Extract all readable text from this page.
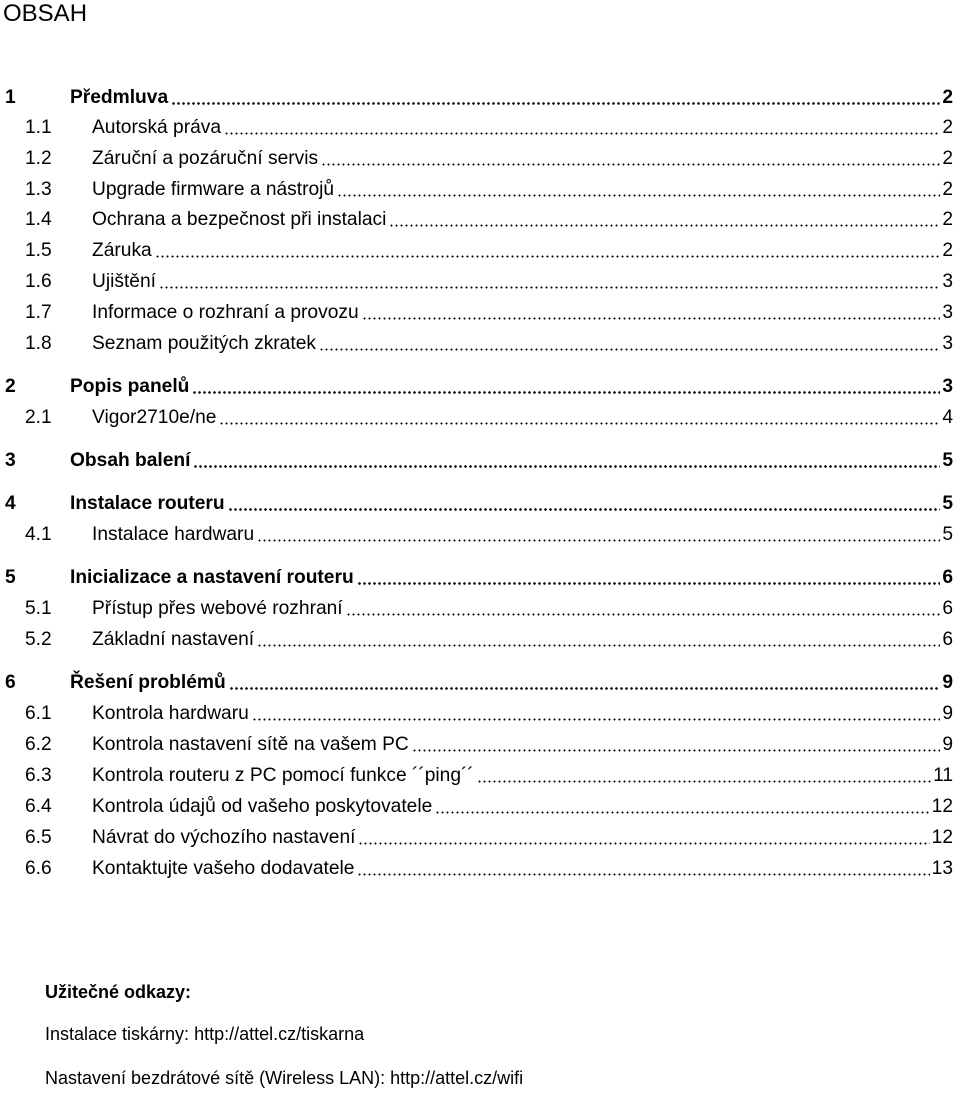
OBSAH
1	Předmluva	2
1.1	Autorská práva	2
1.2	Záruční a pozáruční servis	2
1.3	Upgrade firmware a nástrojů	2
1.4	Ochrana a bezpečnost při instalaci	2
1.5	Záruka	2
1.6	Ujištění	3
1.7	Informace o rozhraní a provozu	3
1.8	Seznam použitých zkratek	3
2	Popis panelů	3
2.1	Vigor2710e/ne	4
3	Obsah balení	5
4	Instalace routeru	5
4.1	Instalace hardwaru	5
5	Inicializace a nastavení routeru	6
5.1	Přístup přes webové rozhraní	6
5.2	Základní nastavení	6
6	Řešení problémů	9
6.1	Kontrola hardwaru	9
6.2	Kontrola nastavení sítě na vašem PC	9
6.3	Kontrola routeru z PC pomocí funkce ´´ping´´	11
6.4	Kontrola údajů od vašeho poskytovatele	12
6.5	Návrat do výchozího nastavení	12
6.6	Kontaktujte vašeho dodavatele	13
Užitečné odkazy:
Instalace tiskárny: http://attel.cz/tiskarna
Nastavení bezdrátové sítě (Wireless LAN): http://attel.cz/wifi
